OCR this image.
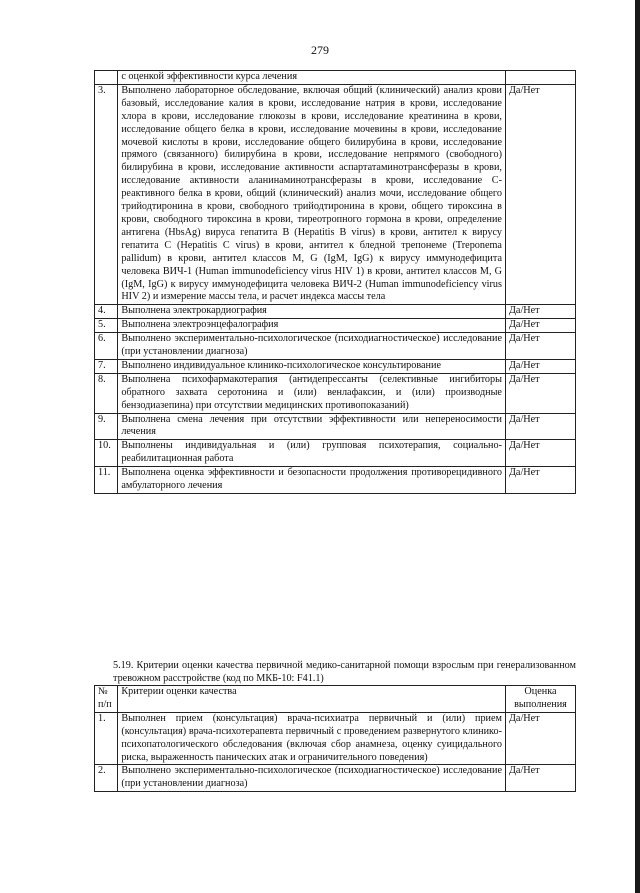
279
	с оценкой эффективности курса лечения	
3.	Выполнено лабораторное обследование, включая общий (клинический) анализ крови базовый, исследование калия в крови, исследование натрия в крови, исследование хлора в крови, исследование глюкозы в крови, исследование креатинина в крови, исследование общего белка в крови, исследование мочевины в крови, исследование мочевой кислоты в крови, исследование общего билирубина в крови, исследование прямого (связанного) билирубина в крови, исследование непрямого (свободного) билирубина в крови, исследование активности аспартатаминотрансферазы в крови, исследование активности аланинаминотрансферазы в крови, исследование С-реактивного белка в крови, общий (клинический) анализ мочи, исследование общего трийодтиронина в крови, свободного трийодтиронина в крови, общего тироксина в крови, свободного тироксина в крови, тиреотропного гормона в крови, определение антигена (HbsAg) вируса гепатита B (Hepatitis B virus) в крови, антител к вирусу гепатита C (Hepatitis C virus) в крови, антител к бледной трепонеме (Treponema pallidum) в крови, антител классов M, G (IgM, IgG) к вирусу иммунодефицита человека ВИЧ-1 (Human immunodeficiency virus HIV 1) в крови, антител классов M, G (IgM, IgG) к вирусу иммунодефицита человека ВИЧ-2 (Human immunodeficiency virus HIV 2) и измерение массы тела, и расчет индекса массы тела	Да/Нет
4.	Выполнена электрокардиография	Да/Нет
5.	Выполнена электроэнцефалография	Да/Нет
6.	Выполнено экспериментально-психологическое (психодиагностическое) исследование (при установлении диагноза)	Да/Нет
7.	Выполнено индивидуальное клинико-психологическое консультирование	Да/Нет
8.	Выполнена психофармакотерапия (антидепрессанты (селективные ингибиторы обратного захвата серотонина и (или) венлафаксин, и (или) производные бензодиазепина) при отсутствии медицинских противопоказаний)	Да/Нет
9.	Выполнена смена лечения при отсутствии эффективности или непереносимости лечения	Да/Нет
10.	Выполнены индивидуальная и (или) групповая психотерапия, социально-реабилитационная работа	Да/Нет
11.	Выполнена оценка эффективности и безопасности продолжения противорецидивного амбулаторного лечения	Да/Нет
5.19. Критерии оценки качества первичной медико-санитарной помощи взрослым при генерализованном тревожном расстройстве (код по МКБ-10: F41.1)
№ п/п	Критерии оценки качества	Оценка выполнения
1.	Выполнен прием (консультация) врача-психиатра первичный и (или) прием (консультация) врача-психотерапевта первичный с проведением развернутого клинико-психопатологического обследования (включая сбор анамнеза, оценку суицидального риска, выраженность панических атак и ограничительного поведения)	Да/Нет
2.	Выполнено экспериментально-психологическое (психодиагностическое) исследование (при установлении диагноза)	Да/Нет
